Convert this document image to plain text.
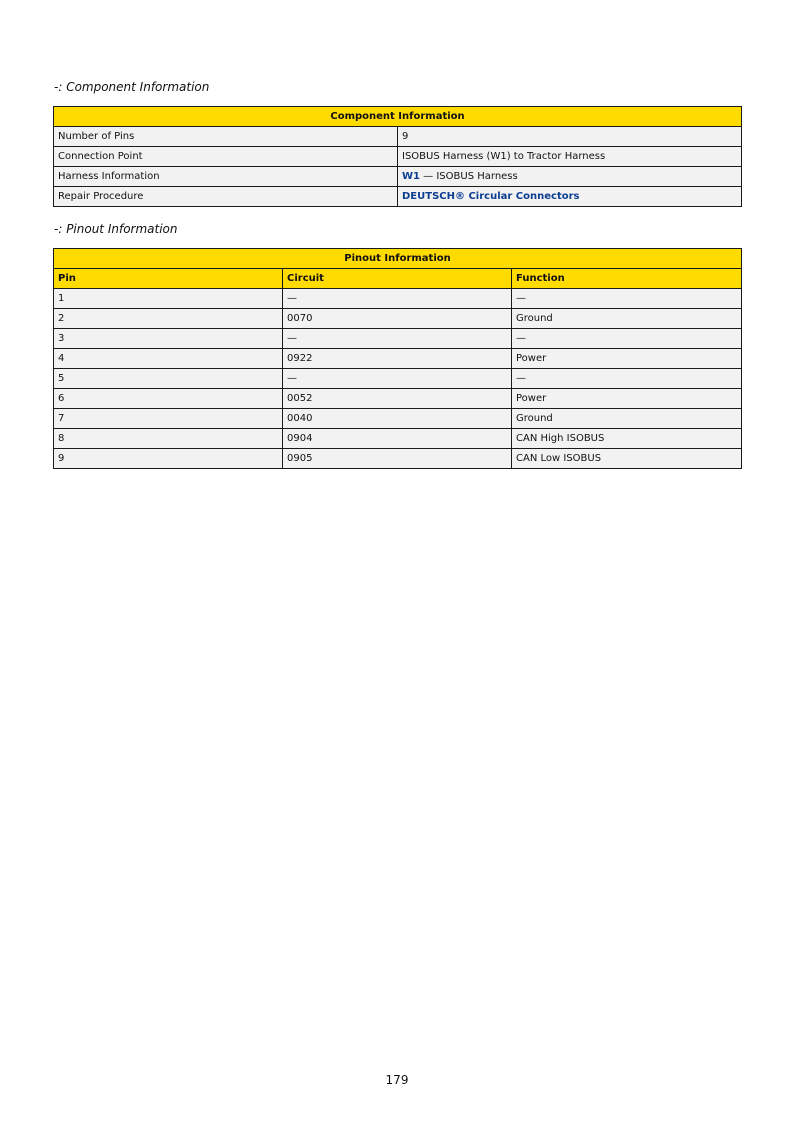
-: Component Information
Component Information	
Number of Pins	9
Connection Point	ISOBUS Harness (W1) to Tractor Harness
Harness Information	W1 — ISOBUS Harness
Repair Procedure	DEUTSCH® Circular Connectors
-: Pinout Information
Pinout Information		
Pin	Circuit	Function
1	—	—
2	0070	Ground
3	—	—
4	0922	Power
5	—	—
6	0052	Power
7	0040	Ground
8	0904	CAN High ISOBUS
9	0905	CAN Low ISOBUS
179
